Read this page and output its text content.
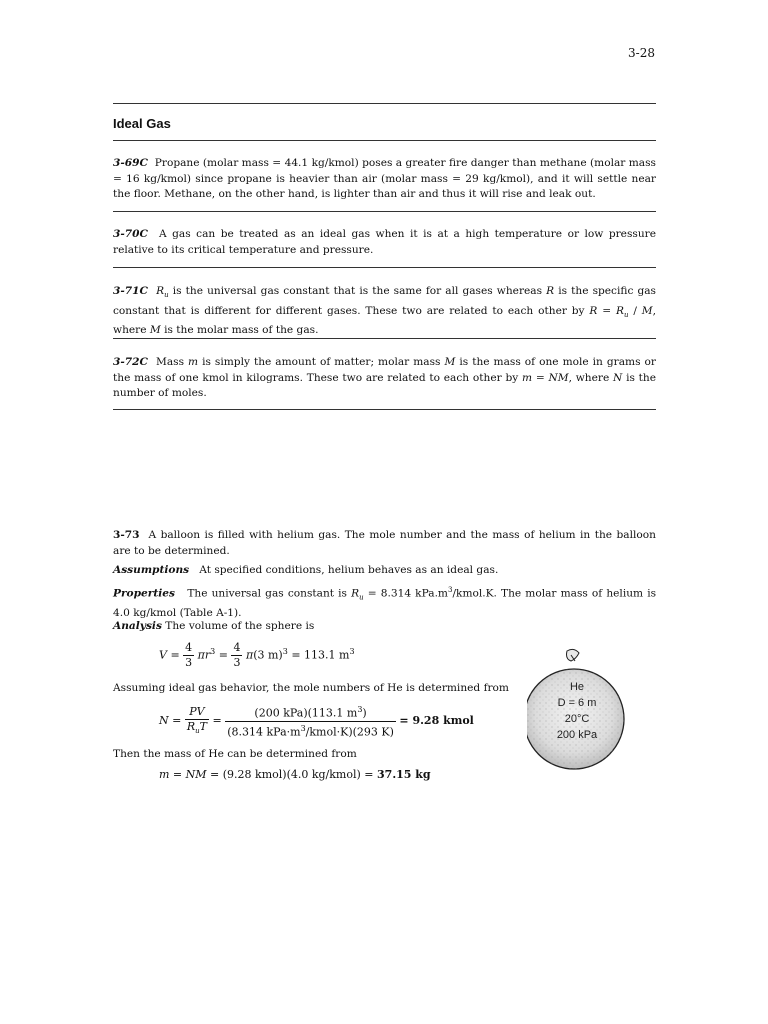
3-28
Ideal Gas
3-69C Propane (molar mass = 44.1 kg/kmol) poses a greater fire danger than methane (molar mass = 16 kg/kmol) since propane is heavier than air (molar mass = 29 kg/kmol), and it will settle near the floor. Methane, on the other hand, is lighter than air and thus it will rise and leak out.
3-70C A gas can be treated as an ideal gas when it is at a high temperature or low pressure relative to its critical temperature and pressure.
3-71C $R_u$ is the universal gas constant that is the same for all gases whereas R is the specific gas constant that is different for different gases. These two are related to each other by $R = R_u / M$, where M is the molar mass of the gas.
3-72C Mass m is simply the amount of matter; molar mass M is the mass of one mole in grams or the mass of one kmol in kilograms. These two are related to each other by m = NM, where N is the number of moles.
3-73 A balloon is filled with helium gas. The mole number and the mass of helium in the balloon are to be determined.
Assumptions At specified conditions, helium behaves as an ideal gas.
Properties The universal gas constant is $R_u = 8.314$ $kPa.m^3/kmol.K$. The molar mass of helium is 4.0 kg/kmol (Table A-1).
Analysis The volume of the sphere is
$V = \frac{4}{3} \pi r^3 = \frac{4}{3} \pi(3$ m)$^3$ = 113.1 $m^3$
Assuming ideal gas behavior, the mole numbers of He is determined from
$N = \frac{PV}{R_uT} = \frac{(200 kPa)(113.1 m^3)}{(8.314 kPa\cdot m^3/kmol\cdot K)(293 K)} = 9.28$ kmol
Then the mass of He can be determined from
m = NM = (9.28 kmol)(4.0 kg/kmol) = 37.15 kg
He
D = 6 m
20°C
200 kPa
